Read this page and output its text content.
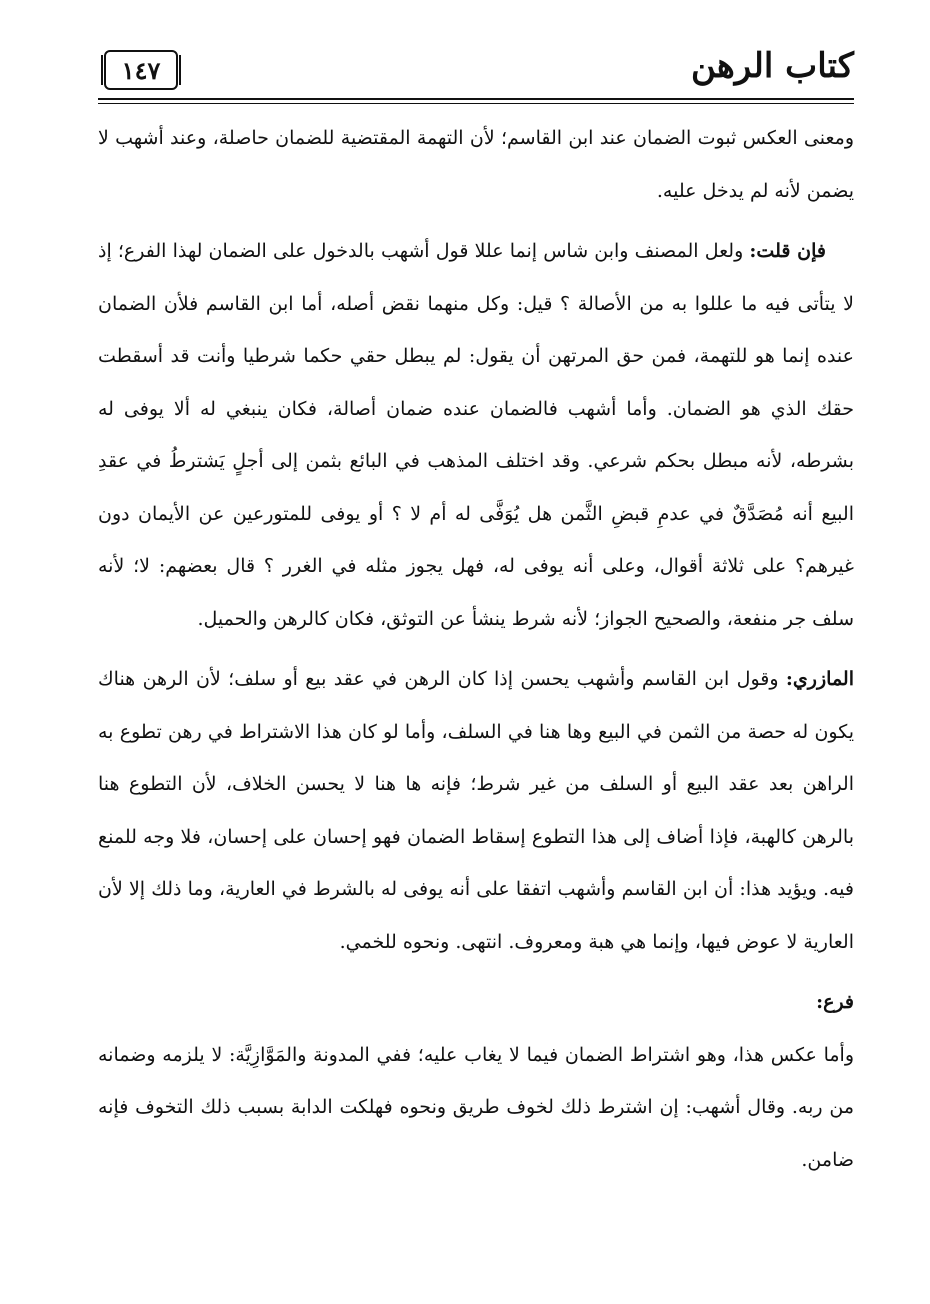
١٤٧	كتاب الرهن

ومعنى العكس ثبوت الضمان عند ابن القاسم؛ لأن التهمة المقتضية للضمان حاصلة، وعند أشهب لا يضمن لأنه لم يدخل عليه.

فإن قلت: ولعل المصنف وابن شاس إنما عللا قول أشهب بالدخول على الضمان لهذا الفرع؛ إذ لا يتأتى فيه ما عللوا به من الأصالة ؟ قيل: وكل منهما نقض أصله، أما ابن القاسم فلأن الضمان عنده إنما هو للتهمة، فمن حق المرتهن أن يقول: لم يبطل حقي حكما شرطيا وأنت قد أسقطت حقك الذي هو الضمان. وأما أشهب فالضمان عنده ضمان أصالة، فكان ينبغي له ألا يوفى له بشرطه، لأنه مبطل بحكم شرعي. وقد اختلف المذهب في البائع بثمن إلى أجلٍ يَشترطُ في عقدِ البيع أنه مُصَدَّقٌ في عدمِ قبضِ الثَّمن هل يُوَفَّى له أم لا ؟ أو يوفى للمتورعين عن الأيمان دون غيرهم؟ على ثلاثة أقوال، وعلى أنه يوفى له، فهل يجوز مثله في الغرر ؟ قال بعضهم: لا؛ لأنه سلف جر منفعة، والصحيح الجواز؛ لأنه شرط ينشأ عن التوثق، فكان كالرهن والحميل.

المازري: وقول ابن القاسم وأشهب يحسن إذا كان الرهن في عقد بيع أو سلف؛ لأن الرهن هناك يكون له حصة من الثمن في البيع وها هنا في السلف، وأما لو كان هذا الاشتراط في رهن تطوع به الراهن بعد عقد البيع أو السلف من غير شرط؛ فإنه ها هنا لا يحسن الخلاف، لأن التطوع هنا بالرهن كالهبة، فإذا أضاف إلى هذا التطوع إسقاط الضمان فهو إحسان على إحسان، فلا وجه للمنع فيه. ويؤيد هذا: أن ابن القاسم وأشهب اتفقا على أنه يوفى له بالشرط في العارية، وما ذلك إلا لأن العارية لا عوض فيها، وإنما هي هبة ومعروف. انتهى. ونحوه للخمي.

فرع:

وأما عكس هذا، وهو اشتراط الضمان فيما لا يغاب عليه؛ ففي المدونة والمَوَّازِيَّة: لا يلزمه وضمانه من ربه. وقال أشهب: إن اشترط ذلك لخوف طريق ونحوه فهلكت الدابة بسبب ذلك التخوف فإنه ضامن.
